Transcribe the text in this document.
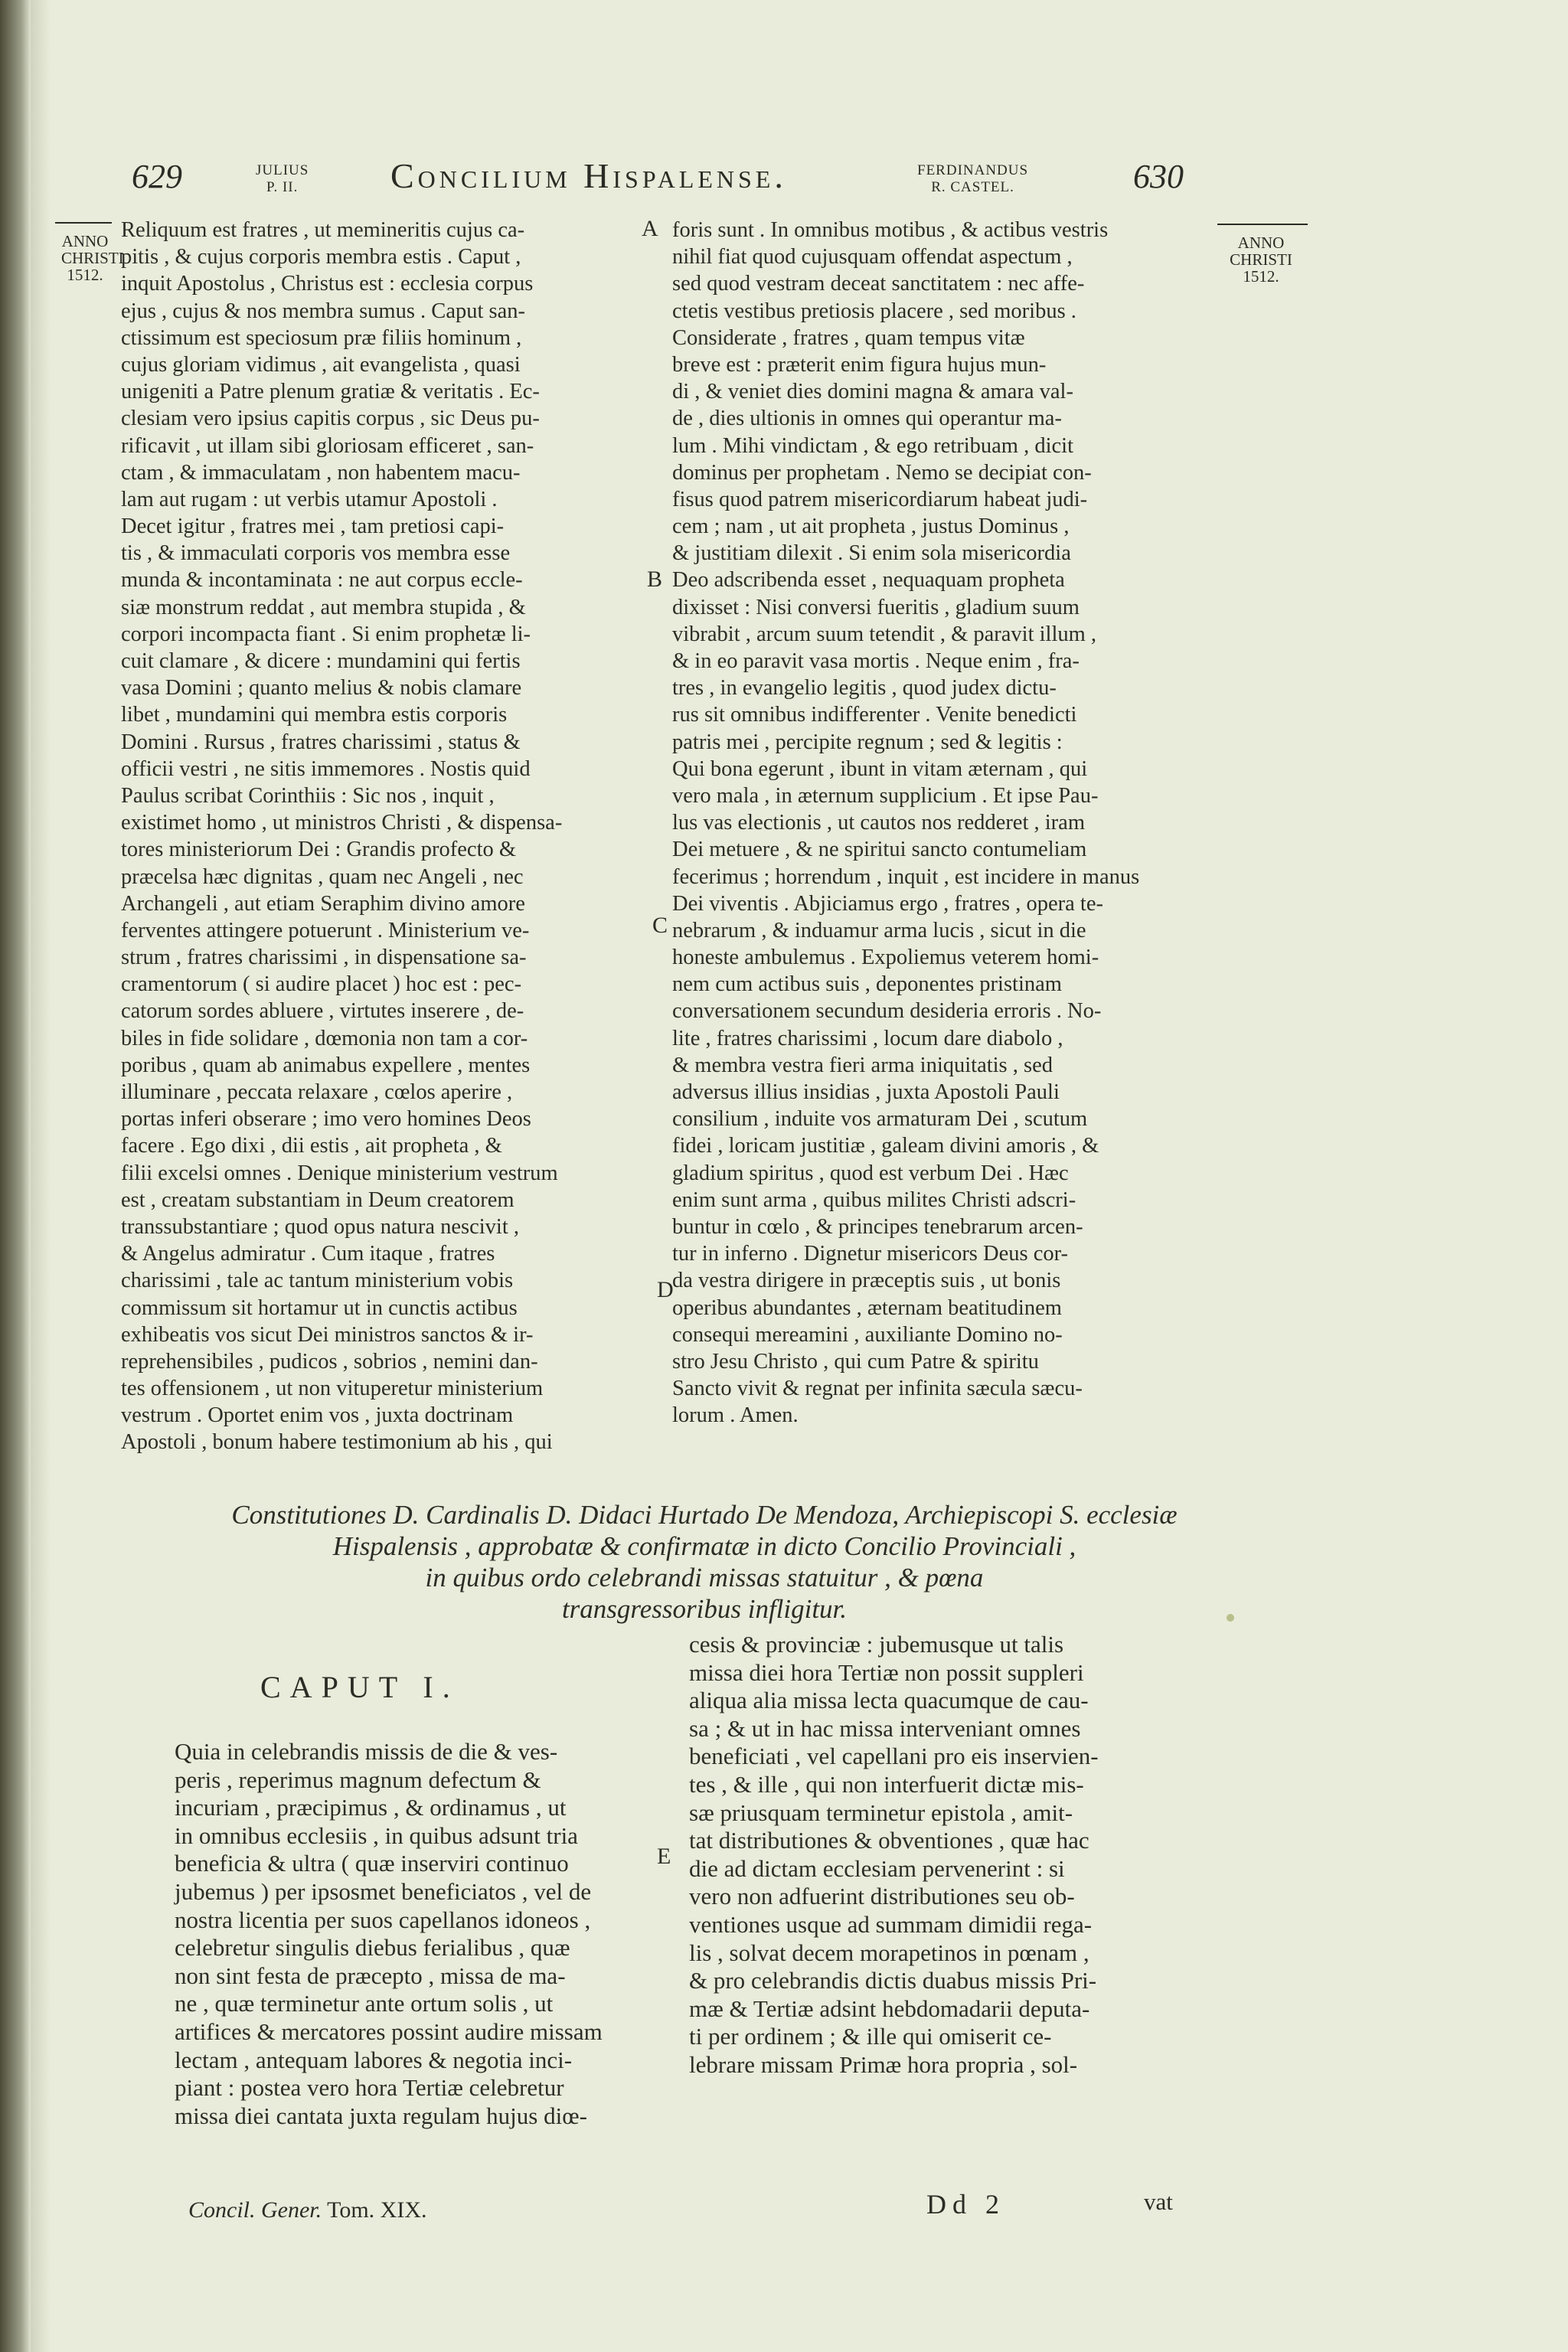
629	JULIUS
P. II.	Concilium Hispalense.	FERDINANDUS
R. CASTEL.	630
ANNO
CHRISTI
1512.
ANNO
CHRISTI
1512.
A
B
C
D
E
Reliquum est fratres , ut memineritis cujus ca-
pitis , & cujus corporis membra estis . Caput ,
inquit Apostolus , Christus est : ecclesia corpus
ejus , cujus & nos membra sumus . Caput san-
ctissimum est speciosum præ filiis hominum ,
cujus gloriam vidimus , ait evangelista , quasi
unigeniti a Patre plenum gratiæ & veritatis . Ec-
clesiam vero ipsius capitis corpus , sic Deus pu-
rificavit , ut illam sibi gloriosam efficeret , san-
ctam , & immaculatam , non habentem macu-
lam aut rugam : ut verbis utamur Apostoli .
Decet igitur , fratres mei , tam pretiosi capi-
tis , & immaculati corporis vos membra esse
munda & incontaminata : ne aut corpus eccle-
siæ monstrum reddat , aut membra stupida , &
corpori incompacta fiant . Si enim prophetæ li-
cuit clamare , & dicere : mundamini qui fertis
vasa Domini ; quanto melius & nobis clamare
libet , mundamini qui membra estis corporis
Domini . Rursus , fratres charissimi , status &
officii vestri , ne sitis immemores . Nostis quid
Paulus scribat Corinthiis : Sic nos , inquit ,
existimet homo , ut ministros Christi , & dispensa-
tores ministeriorum Dei : Grandis profecto &
præcelsa hæc dignitas , quam nec Angeli , nec
Archangeli , aut etiam Seraphim divino amore
ferventes attingere potuerunt . Ministerium ve-
strum , fratres charissimi , in dispensatione sa-
cramentorum ( si audire placet ) hoc est : pec-
catorum sordes abluere , virtutes inserere , de-
biles in fide solidare , dœmonia non tam a cor-
poribus , quam ab animabus expellere , mentes
illuminare , peccata relaxare , cœlos aperire ,
portas inferi obserare ; imo vero homines Deos
facere . Ego dixi , dii estis , ait propheta , &
filii excelsi omnes . Denique ministerium vestrum
est , creatam substantiam in Deum creatorem
transsubstantiare ; quod opus natura nescivit ,
& Angelus admiratur . Cum itaque , fratres
charissimi , tale ac tantum ministerium vobis
commissum sit hortamur ut in cunctis actibus
exhibeatis vos sicut Dei ministros sanctos & ir-
reprehensibiles , pudicos , sobrios , nemini dan-
tes offensionem , ut non vituperetur ministerium
vestrum . Oportet enim vos , juxta doctrinam
Apostoli , bonum habere testimonium ab his , qui
foris sunt . In omnibus motibus , & actibus vestris
nihil fiat quod cujusquam offendat aspectum ,
sed quod vestram deceat sanctitatem : nec affe-
ctetis vestibus pretiosis placere , sed moribus .
Considerate , fratres , quam tempus vitæ
breve est : præterit enim figura hujus mun-
di , & veniet dies domini magna & amara val-
de , dies ultionis in omnes qui operantur ma-
lum . Mihi vindictam , & ego retribuam , dicit
dominus per prophetam . Nemo se decipiat con-
fisus quod patrem misericordiarum habeat judi-
cem ; nam , ut ait propheta , justus Dominus ,
& justitiam dilexit . Si enim sola misericordia
Deo adscribenda esset , nequaquam propheta
dixisset : Nisi conversi fueritis , gladium suum
vibrabit , arcum suum tetendit , & paravit illum ,
& in eo paravit vasa mortis . Neque enim , fra-
tres , in evangelio legitis , quod judex dictu-
rus sit omnibus indifferenter . Venite benedicti
patris mei , percipite regnum ; sed & legitis :
Qui bona egerunt , ibunt in vitam æternam , qui
vero mala , in æternum supplicium . Et ipse Pau-
lus vas electionis , ut cautos nos redderet , iram
Dei metuere , & ne spiritui sancto contumeliam
fecerimus ; horrendum , inquit , est incidere in manus
Dei viventis . Abjiciamus ergo , fratres , opera te-
nebrarum , & induamur arma lucis , sicut in die
honeste ambulemus . Expoliemus veterem homi-
nem cum actibus suis , deponentes pristinam
conversationem secundum desideria erroris . No-
lite , fratres charissimi , locum dare diabolo ,
& membra vestra fieri arma iniquitatis , sed
adversus illius insidias , juxta Apostoli Pauli
consilium , induite vos armaturam Dei , scutum
fidei , loricam justitiæ , galeam divini amoris , &
gladium spiritus , quod est verbum Dei . Hæc
enim sunt arma , quibus milites Christi adscri-
buntur in cœlo , & principes tenebrarum arcen-
tur in inferno . Dignetur misericors Deus cor-
da vestra dirigere in præceptis suis , ut bonis
operibus abundantes , æternam beatitudinem
consequi mereamini , auxiliante Domino no-
stro Jesu Christo , qui cum Patre & spiritu
Sancto vivit & regnat per infinita sæcula sæcu-
lorum . Amen.
Constitutiones D. Cardinalis D. Didaci Hurtado De Mendoza, Archiepiscopi S. ecclesiæ
Hispalensis , approbatæ & confirmatæ in dicto Concilio Provinciali ,
in quibus ordo celebrandi missas statuitur , & pœna
transgressoribus infligitur.
CAPUT I.
Quia in celebrandis missis de die & ves-
peris , reperimus magnum defectum &
incuriam , præcipimus , & ordinamus , ut
in omnibus ecclesiis , in quibus adsunt tria
beneficia & ultra ( quæ inserviri continuo
jubemus ) per ipsosmet beneficiatos , vel de
nostra licentia per suos capellanos idoneos ,
celebretur singulis diebus ferialibus , quæ
non sint festa de præcepto , missa de ma-
ne , quæ terminetur ante ortum solis , ut
artifices & mercatores possint audire missam
lectam , antequam labores & negotia inci-
piant : postea vero hora Tertiæ celebretur
missa diei cantata juxta regulam hujus diœ-
cesis & provinciæ : jubemusque ut talis
missa diei hora Tertiæ non possit suppleri
aliqua alia missa lecta quacumque de cau-
sa ; & ut in hac missa interveniant omnes
beneficiati , vel capellani pro eis inservien-
tes , & ille , qui non interfuerit dictæ mis-
sæ priusquam terminetur epistola , amit-
tat distributiones & obventiones , quæ hac
die ad dictam ecclesiam pervenerint : si
vero non adfuerint distributiones seu ob-
ventiones usque ad summam dimidii rega-
lis , solvat decem morapetinos in pœnam ,
& pro celebrandis dictis duabus missis Pri-
mæ & Tertiæ adsint hebdomadarii deputa-
ti per ordinem ; & ille qui omiserit ce-
lebrare missam Primæ hora propria , sol-
Concil. Gener. Tom. XIX.	Dd 2	vat
